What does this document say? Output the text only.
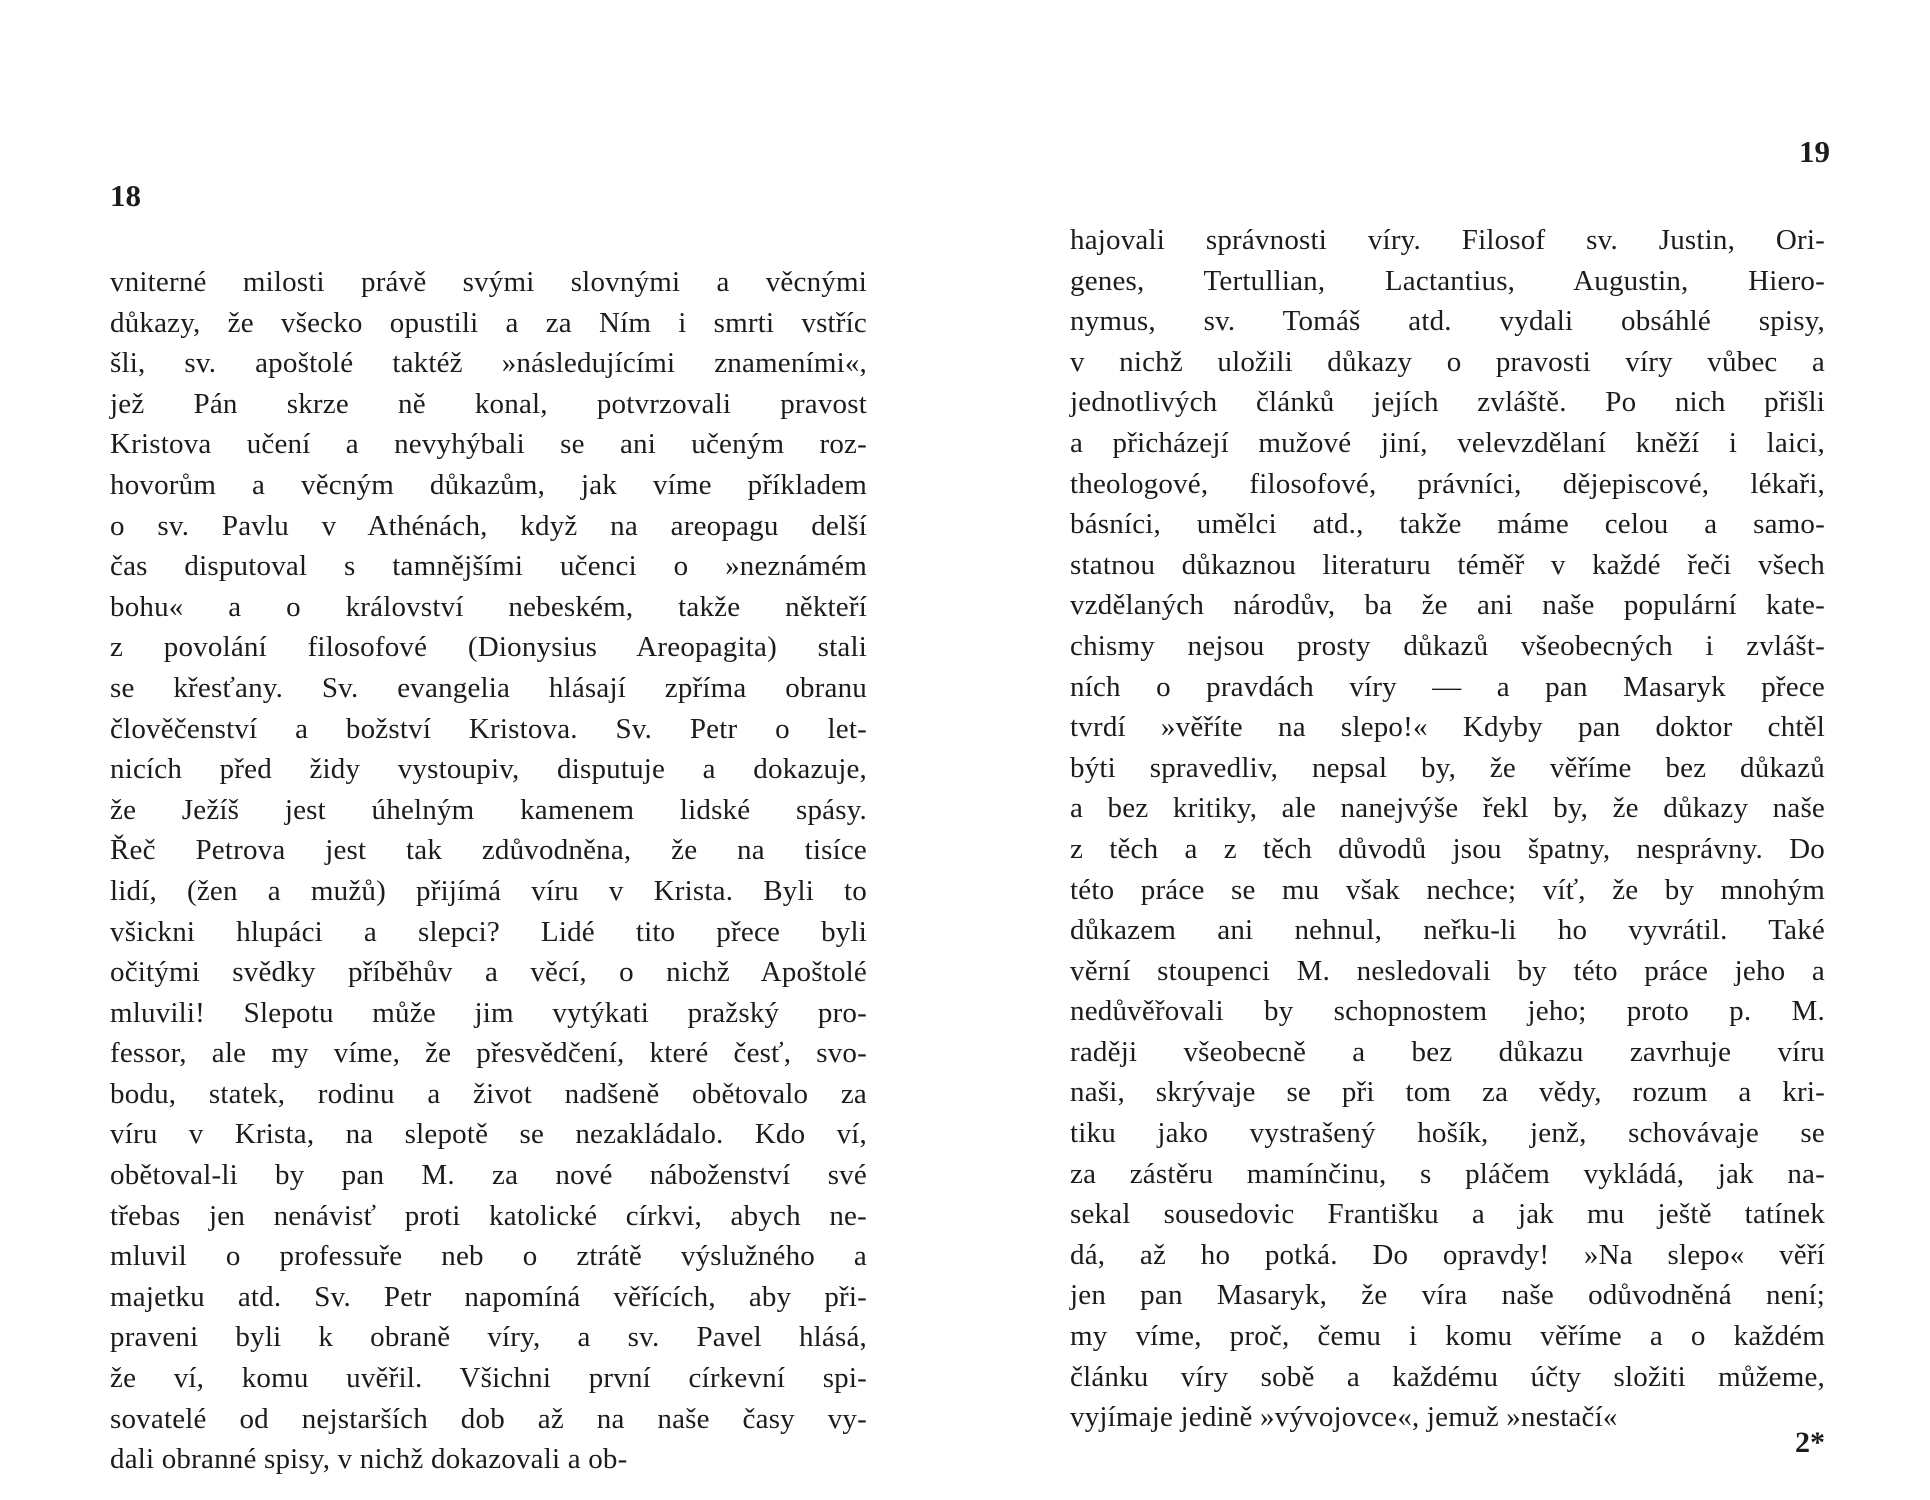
18

vniterné milosti právě svými slovnými a věcnými
důkazy, že všecko opustili a za Ním i smrti vstříc
šli, sv. apoštolé taktéž »následujícími znameními«,
jež Pán skrze ně konal, potvrzovali pravost
Kristova učení a nevyhýbali se ani učeným roz-
hovorům a věcným důkazům, jak víme příkladem
o sv. Pavlu v Athénách, když na areopagu delší
čas disputoval s tamnějšími učenci o »neznámém
bohu« a o království nebeském, takže někteří
z povolání filosofové (Dionysius Areopagita) stali
se křesťany. Sv. evangelia hlásají zpříma obranu
člověčenství a božství Kristova. Sv. Petr o let-
nicích před židy vystoupiv, disputuje a dokazuje,
že Ježíš jest úhelným kamenem lidské spásy.
Řeč Petrova jest tak zdůvodněna, že na tisíce
lidí, (žen a mužů) přijímá víru v Krista. Byli to
všickni hlupáci a slepci? Lidé tito přece byli
očitými svědky příběhův a věcí, o nichž Apoštolé
mluvili! Slepotu může jim vytýkati pražský pro-
fessor, ale my víme, že přesvědčení, které česť, svo-
bodu, statek, rodinu a život nadšeně obětovalo za
víru v Krista, na slepotě se nezakládalo. Kdo ví,
obětoval-li by pan M. za nové náboženství své
třebas jen nenávisť proti katolické církvi, abych ne-
mluvil o professuře neb o ztrátě výslužného a
majetku atd. Sv. Petr napomíná věřících, aby při-
praveni byli k obraně víry, a sv. Pavel hlásá,
že ví, komu uvěřil. Všichni první církevní spi-
sovatelé od nejstarších dob až na naše časy vy-
dali obranné spisy, v nichž dokazovali a ob-

19

hajovali správnosti víry. Filosof sv. Justin, Ori-
genes, Tertullian, Lactantius, Augustin, Hiero-
nymus, sv. Tomáš atd. vydali obsáhlé spisy,
v nichž uložili důkazy o pravosti víry vůbec a
jednotlivých článků jejích zvláště. Po nich přišli
a přicházejí mužové jiní, velevzdělaní kněží i laici,
theologové, filosofové, právníci, dějepiscové, lékaři,
básníci, umělci atd., takže máme celou a samo-
statnou důkaznou literaturu téměř v každé řeči všech
vzdělaných národův, ba že ani naše populární kate-
chismy nejsou prosty důkazů všeobecných i zvlášt-
ních o pravdách víry — a pan Masaryk přece
tvrdí »věříte na slepo!« Kdyby pan doktor chtěl
býti spravedliv, nepsal by, že věříme bez důkazů
a bez kritiky, ale nanejvýše řekl by, že důkazy naše
z těch a z těch důvodů jsou špatny, nesprávny. Do
této práce se mu však nechce; víť, že by mnohým
důkazem ani nehnul, neřku-li ho vyvrátil. Také
věrní stoupenci M. nesledovali by této práce jeho a
nedůvěřovali by schopnostem jeho; proto p. M.
raději všeobecně a bez důkazu zavrhuje víru
naši, skrývaje se při tom za vědy, rozum a kri-
tiku jako vystrašený hošík, jenž, schovávaje se
za zástěru mamínčinu, s pláčem vykládá, jak na-
sekal sousedovic Františku a jak mu ještě tatínek
dá, až ho potká. Do opravdy! »Na slepo« věří
jen pan Masaryk, že víra naše odůvodněná není;
my víme, proč, čemu i komu věříme a o každém
článku víry sobě a každému účty složiti můžeme,
vyjímaje jedině »vývojovce«, jemuž »nestačí«

2*
